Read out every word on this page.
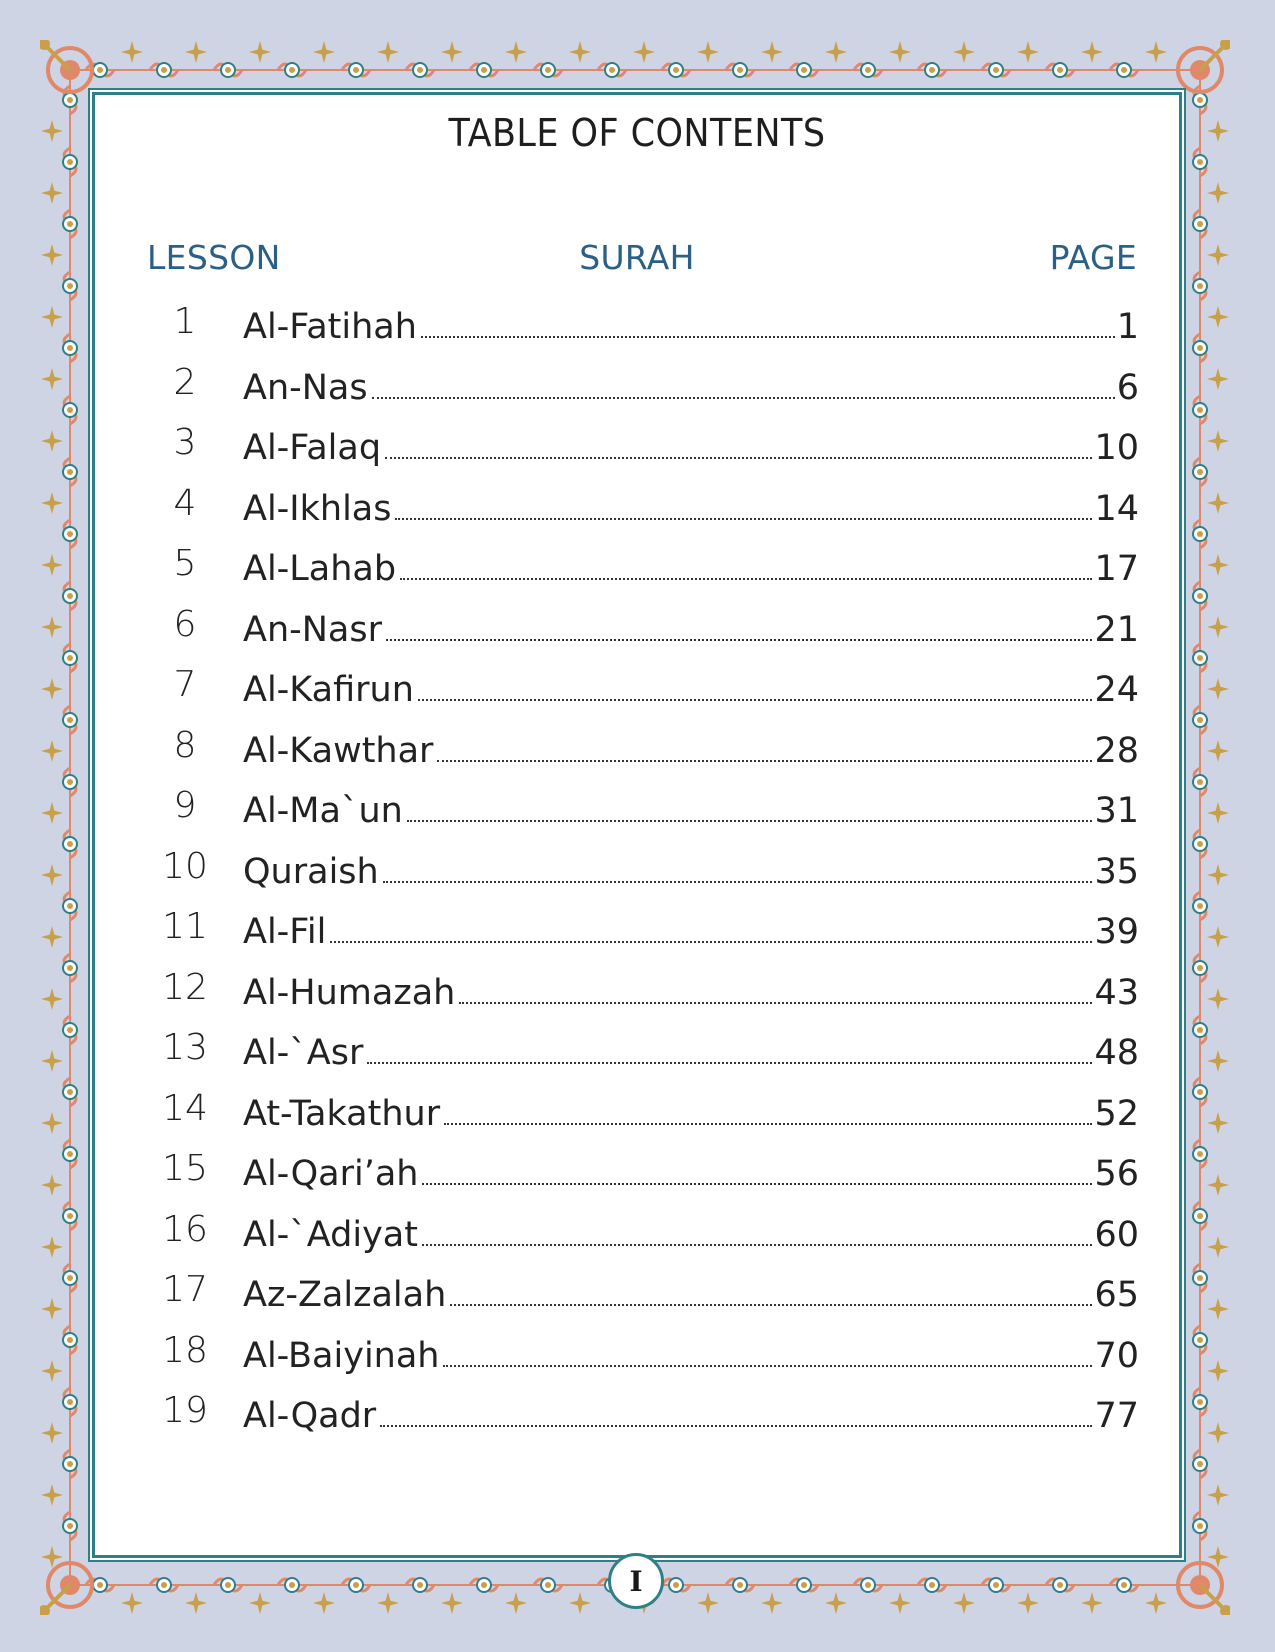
TABLE OF CONTENTS
LESSON	SURAH	PAGE
1	Al-Fatihah	1
2	An-Nas	6
3	Al-Falaq	10
4	Al-Ikhlas	14
5	Al-Lahab	17
6	An-Nasr	21
7	Al-Kafirun	24
8	Al-Kawthar	28
9	Al-Ma`un	31
10 Quraish	35
11 Al-Fil	39
12 Al-Humazah	43
13 Al-`Asr	48
14 At-Takathur	52
15 Al-Qari’ah	56
16 Al-`Adiyat	60
17 Az-Zalzalah	65
18 Al-Baiyinah	70
19 Al-Qadr	77
I
